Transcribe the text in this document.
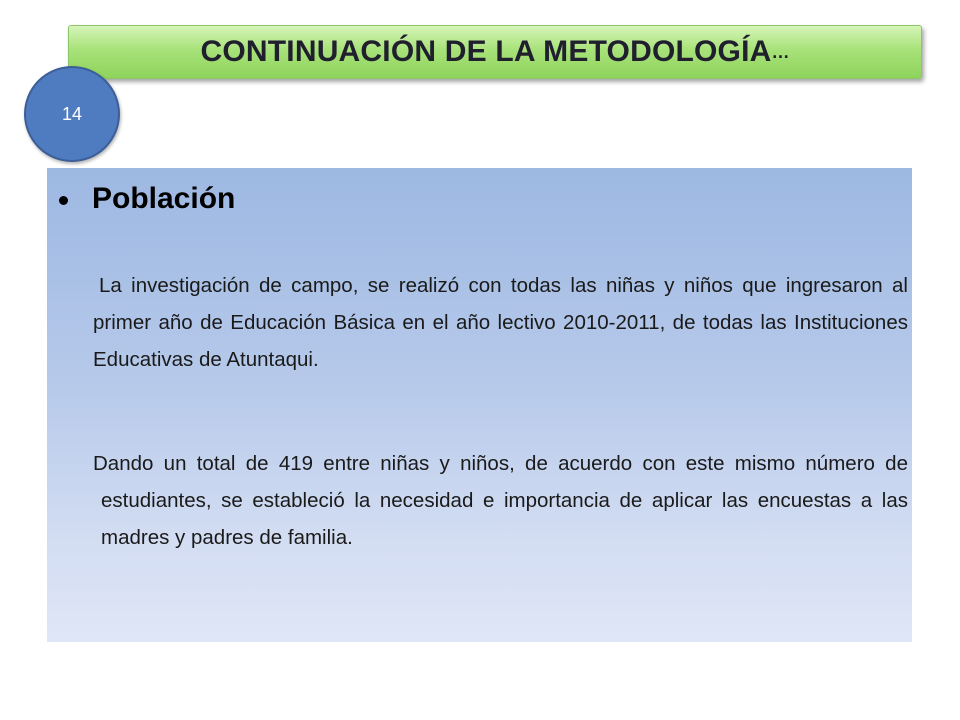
CONTINUACIÓN DE LA METODOLOGÍA …
14
Población

La investigación de campo, se realizó con todas las niñas y niños que ingresaron al primer año de Educación Básica en el año lectivo 2010-2011, de todas las Instituciones Educativas de Atuntaqui.

Dando un total de 419 entre niñas y niños, de acuerdo con este mismo número de estudiantes, se estableció la necesidad e importancia de aplicar las encuestas a las madres y padres de familia.
